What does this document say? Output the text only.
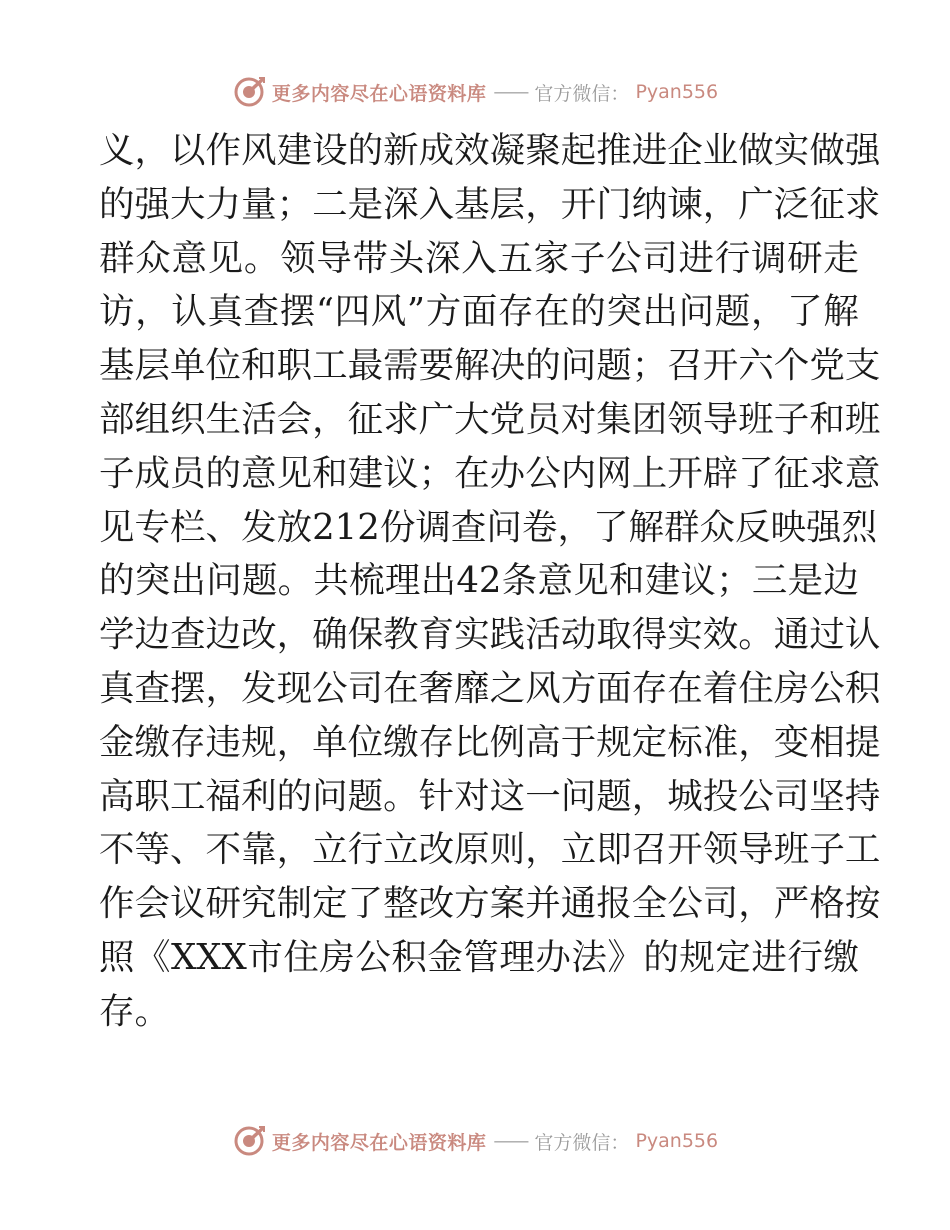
更多内容尽在心语资料库 —— 官方微信： Pyan556
义 ， 以 作 风 建 设 的 新 成 效 凝 聚 起 推 进 企 业 做 实 做 强
的 强 大 力 量 ； 二 是 深 入 基 层 ， 开 门 纳 谏 ， 广 泛 征 求
群 众 意 见 。 领 导 带 头 深 入 五 家 子 公 司 进 行 调 研 走
访 ， 认 真 查 摆 “ 四 风 ” 方 面 存 在 的 突 出 问 题 ， 了 解
基 层 单 位 和 职 工 最 需 要 解 决 的 问 题 ； 召 开 六 个 党 支
部 组 织 生 活 会 ， 征 求 广 大 党 员 对 集 团 领 导 班 子 和 班
子 成 员 的 意 见 和 建 议 ； 在 办 公 内 网 上 开 辟 了 征 求 意
见 专 栏 、 发 放 212 份 调 查 问 卷 ， 了 解 群 众 反 映 强 烈
的 突 出 问 题 。 共 梳 理 出 42 条 意 见 和 建 议 ； 三 是 边
学 边 查 边 改 ， 确 保 教 育 实 践 活 动 取 得 实 效 。 通 过 认
真 查 摆 ， 发 现 公 司 在 奢 靡 之 风 方 面 存 在 着 住 房 公 积
金 缴 存 违 规 ， 单 位 缴 存 比 例 高 于 规 定 标 准 ， 变 相 提
高 职 工 福 利 的 问 题 。 针 对 这 一 问 题 ， 城 投 公 司 坚 持
不 等 、 不 靠 ， 立 行 立 改 原 则 ， 立 即 召 开 领 导 班 子 工
作 会 议 研 究 制 定 了 整 改 方 案 并 通 报 全 公 司 ， 严 格 按
照 《 XXX 市 住 房 公 积 金 管 理 办 法 》 的 规 定 进 行 缴
存 。
更多内容尽在心语资料库 —— 官方微信： Pyan556
